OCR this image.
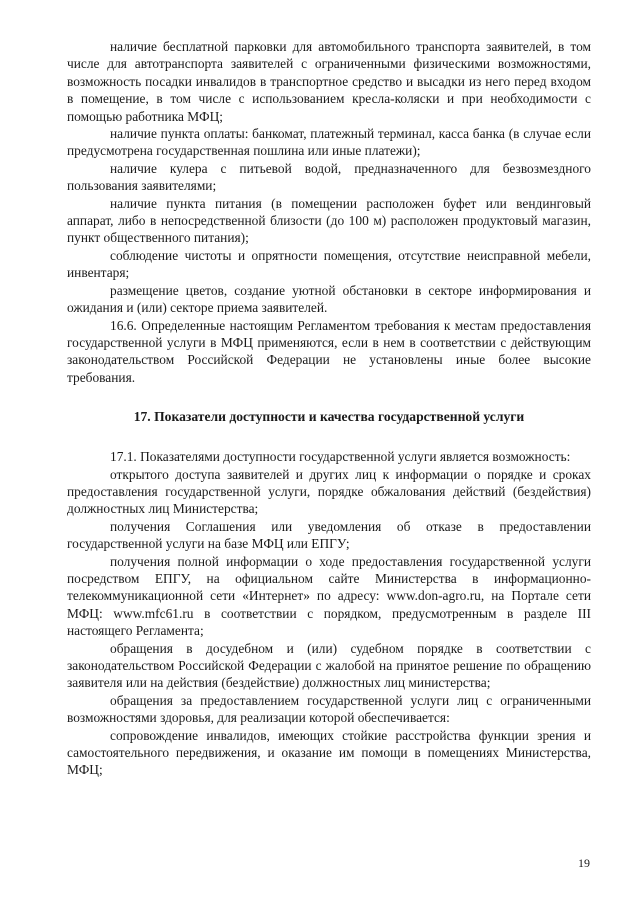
наличие бесплатной парковки для автомобильного транспорта заявителей, в том числе для автотранспорта заявителей с ограниченными физическими возможностями, возможность посадки инвалидов в транспортное средство и высадки из него перед входом в помещение, в том числе с использованием кресла-коляски и при необходимости с помощью работника МФЦ;

наличие пункта оплаты: банкомат, платежный терминал, касса банка (в случае если предусмотрена государственная пошлина или иные платежи);

наличие кулера с питьевой водой, предназначенного для безвозмездного пользования заявителями;

наличие пункта питания (в помещении расположен буфет или вендинговый аппарат, либо в непосредственной близости (до 100 м) расположен продуктовый магазин, пункт общественного питания);

соблюдение чистоты и опрятности помещения, отсутствие неисправной мебели, инвентаря;

размещение цветов, создание уютной обстановки в секторе информирования и ожидания и (или) секторе приема заявителей.

16.6. Определенные настоящим Регламентом требования к местам предоставления государственной услуги в МФЦ применяются, если в нем в соответствии с действующим законодательством Российской Федерации не установлены иные более высокие требования.

17. Показатели доступности и качества государственной услуги

17.1. Показателями доступности государственной услуги является возможность:

открытого доступа заявителей и других лиц к информации о порядке и сроках предоставления государственной услуги, порядке обжалования действий (бездействия) должностных лиц Министерства;

получения Соглашения или уведомления об отказе в предоставлении государственной услуги на базе МФЦ или ЕПГУ;

получения полной информации о ходе предоставления государственной услуги посредством ЕПГУ, на официальном сайте Министерства в информационно-телекоммуникационной сети «Интернет» по адресу: www.don-agro.ru, на Портале сети МФЦ: www.mfc61.ru в соответствии с порядком, предусмотренным в разделе III настоящего Регламента;

обращения в досудебном и (или) судебном порядке в соответствии с законодательством Российской Федерации с жалобой на принятое решение по обращению заявителя или на действия (бездействие) должностных лиц министерства;

обращения за предоставлением государственной услуги лиц с ограниченными возможностями здоровья, для реализации которой обеспечивается:

сопровождение инвалидов, имеющих стойкие расстройства функции зрения и самостоятельного передвижения, и оказание им помощи в помещениях Министерства, МФЦ;

19
